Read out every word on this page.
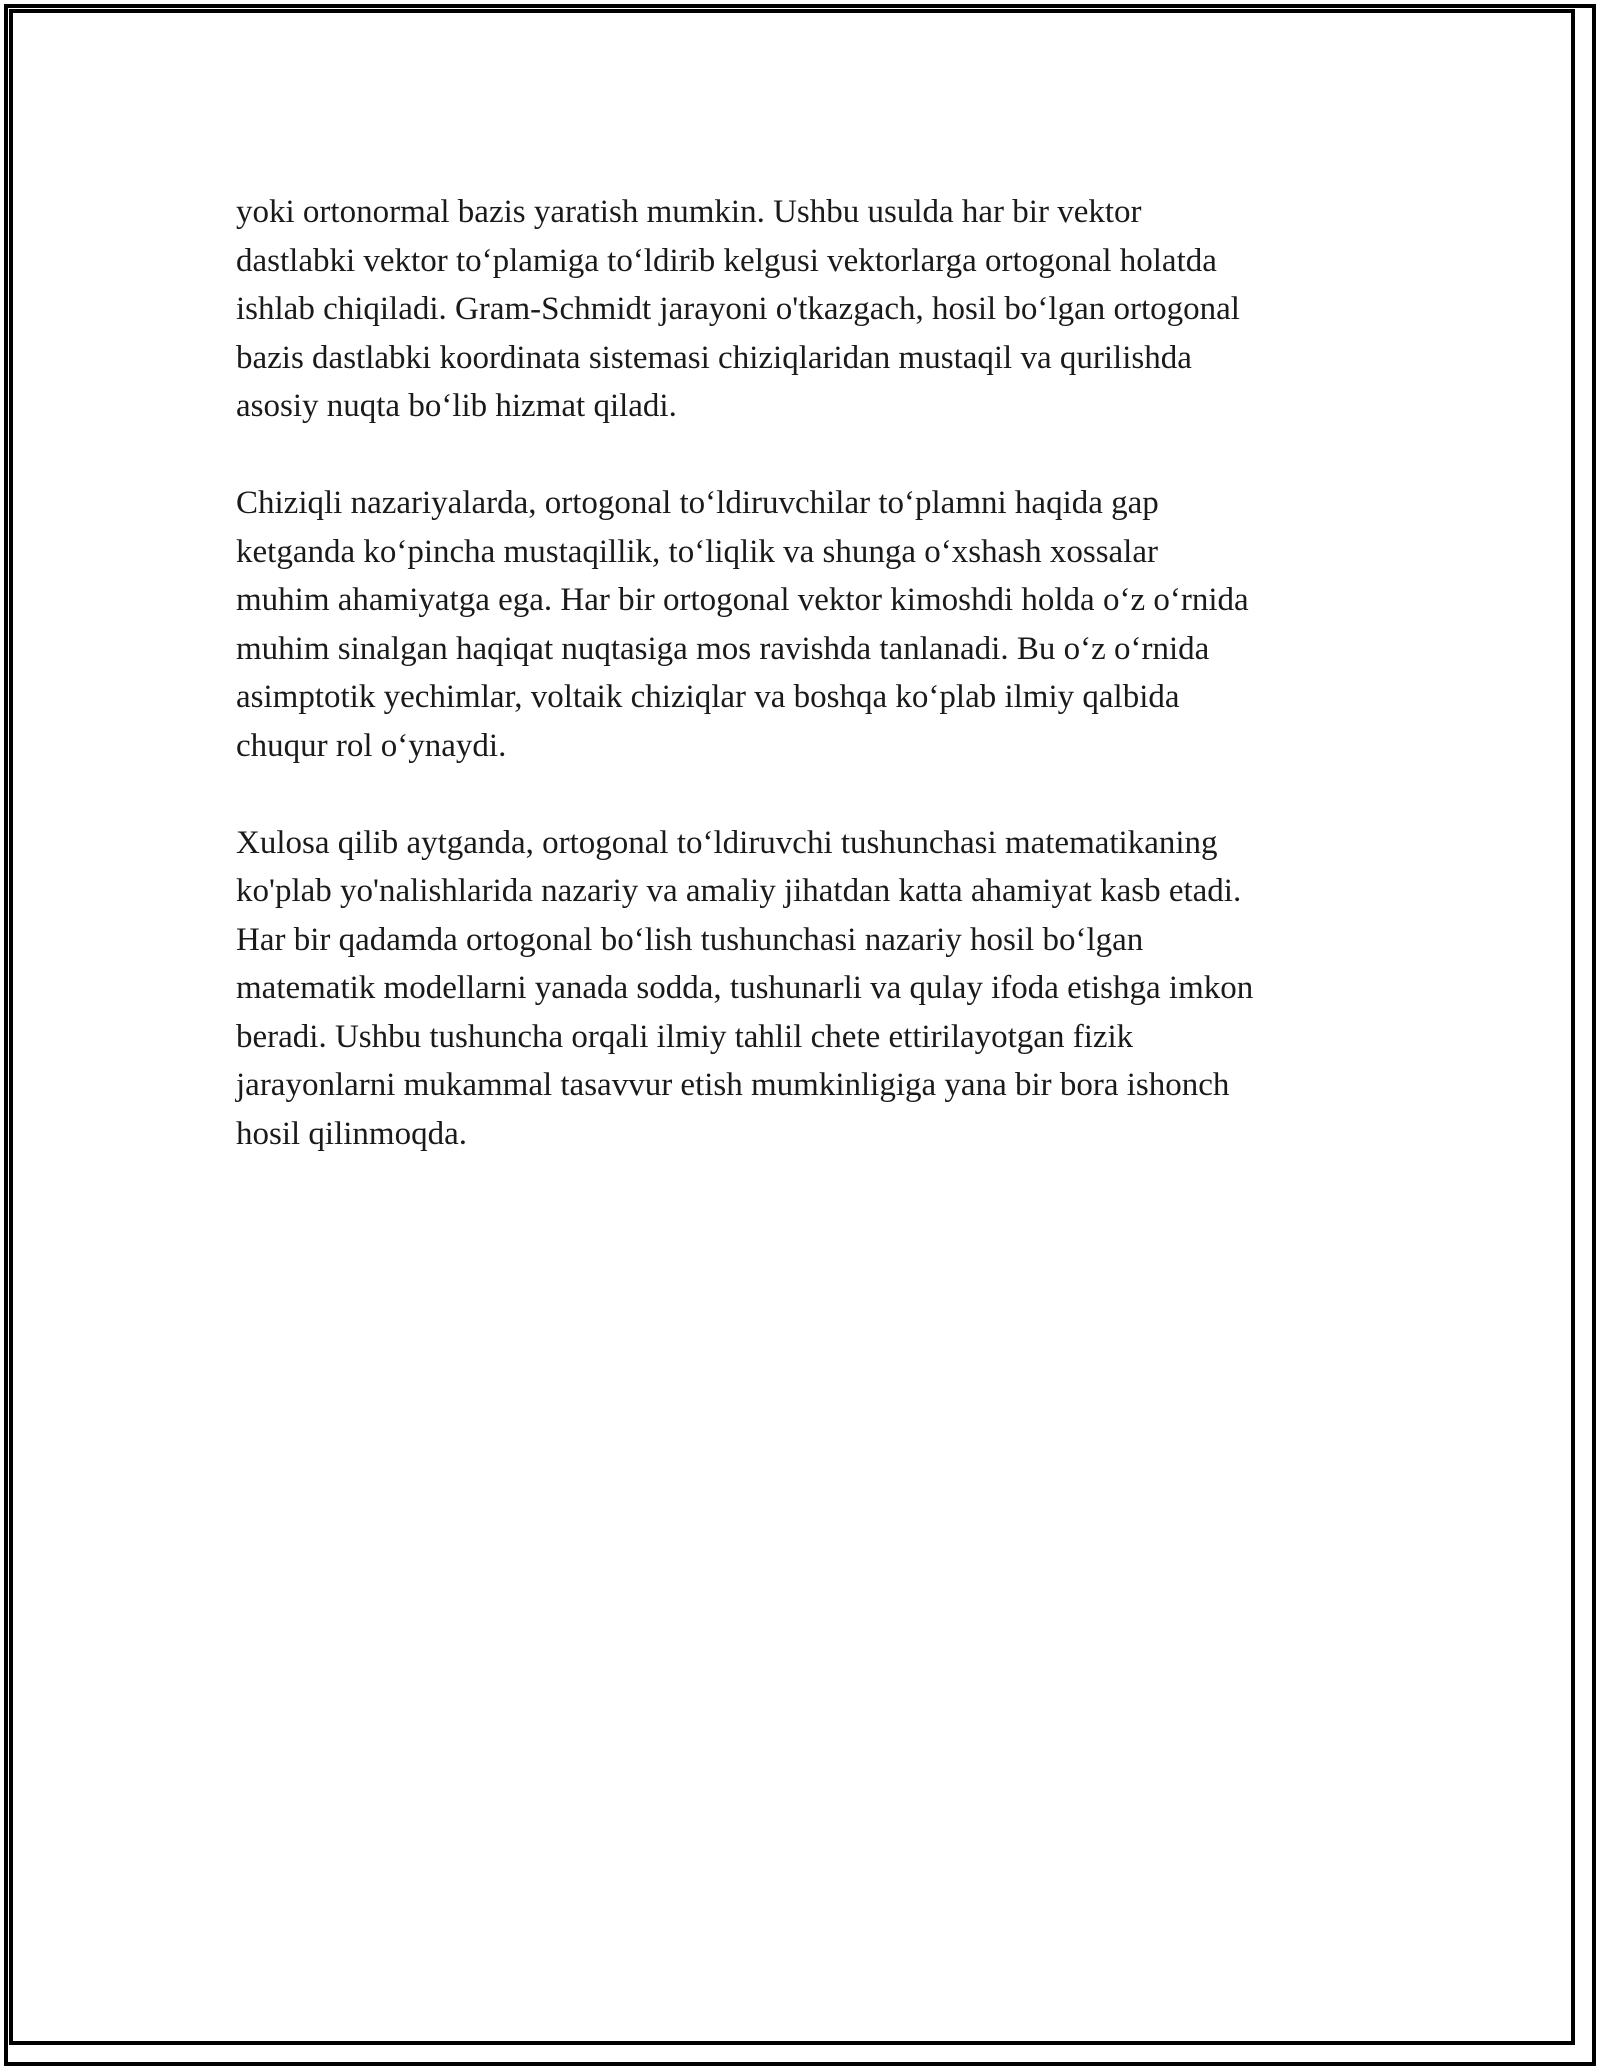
yoki ortonormal bazis yaratish mumkin. Ushbu usulda har bir vektor
dastlabki vektor to‘plamiga to‘ldirib kelgusi vektorlarga ortogonal holatda
ishlab chiqiladi. Gram-Schmidt jarayoni o'tkazgach, hosil bo‘lgan ortogonal
bazis dastlabki koordinata sistemasi chiziqlaridan mustaqil va qurilishda
asosiy nuqta bo‘lib hizmat qiladi.

Chiziqli nazariyalarda, ortogonal to‘ldiruvchilar to‘plamni haqida gap
ketganda ko‘pincha mustaqillik, to‘liqlik va shunga o‘xshash xossalar
muhim ahamiyatga ega. Har bir ortogonal vektor kimoshdi holda o‘z o‘rnida
muhim sinalgan haqiqat nuqtasiga mos ravishda tanlanadi. Bu o‘z o‘rnida
asimptotik yechimlar, voltaik chiziqlar va boshqa ko‘plab ilmiy qalbida
chuqur rol o‘ynaydi.

Xulosa qilib aytganda, ortogonal to‘ldiruvchi tushunchasi matematikaning
ko'plab yo'nalishlarida nazariy va amaliy jihatdan katta ahamiyat kasb etadi.
Har bir qadamda ortogonal bo‘lish tushunchasi nazariy hosil bo‘lgan
matematik modellarni yanada sodda, tushunarli va qulay ifoda etishga imkon
beradi. Ushbu tushuncha orqali ilmiy tahlil chete ettirilayotgan fizik
jarayonlarni mukammal tasavvur etish mumkinligiga yana bir bora ishonch
hosil qilinmoqda.
